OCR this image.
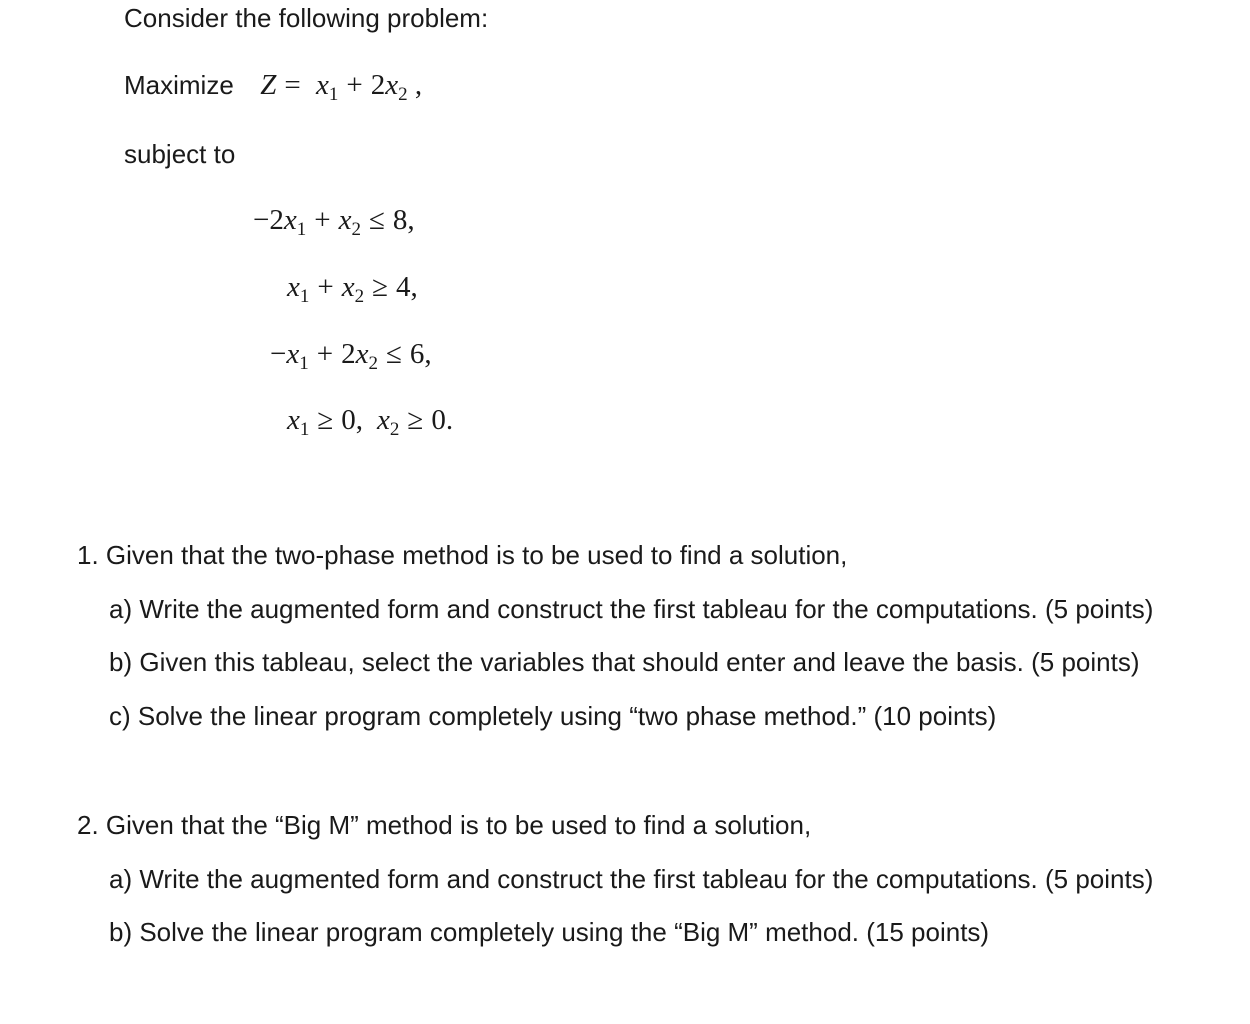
Consider the following problem:
Maximize $Z = x_1 + 2x_2$ ,
subject to
$-2x_1 + x_2 \le 8$,
$x_1 + x_2 \ge 4$,
$-x_1 + 2x_2 \le 6$,
$x_1 \ge 0$, $x_2 \ge 0$.
1. Given that the two-phase method is to be used to find a solution,
a) Write the augmented form and construct the first tableau for the computations. (5 points)
b) Given this tableau, select the variables that should enter and leave the basis. (5 points)
c) Solve the linear program completely using “two phase method.” (10 points)
2. Given that the “Big M” method is to be used to find a solution,
a) Write the augmented form and construct the first tableau for the computations. (5 points)
b) Solve the linear program completely using the “Big M” method. (15 points)
